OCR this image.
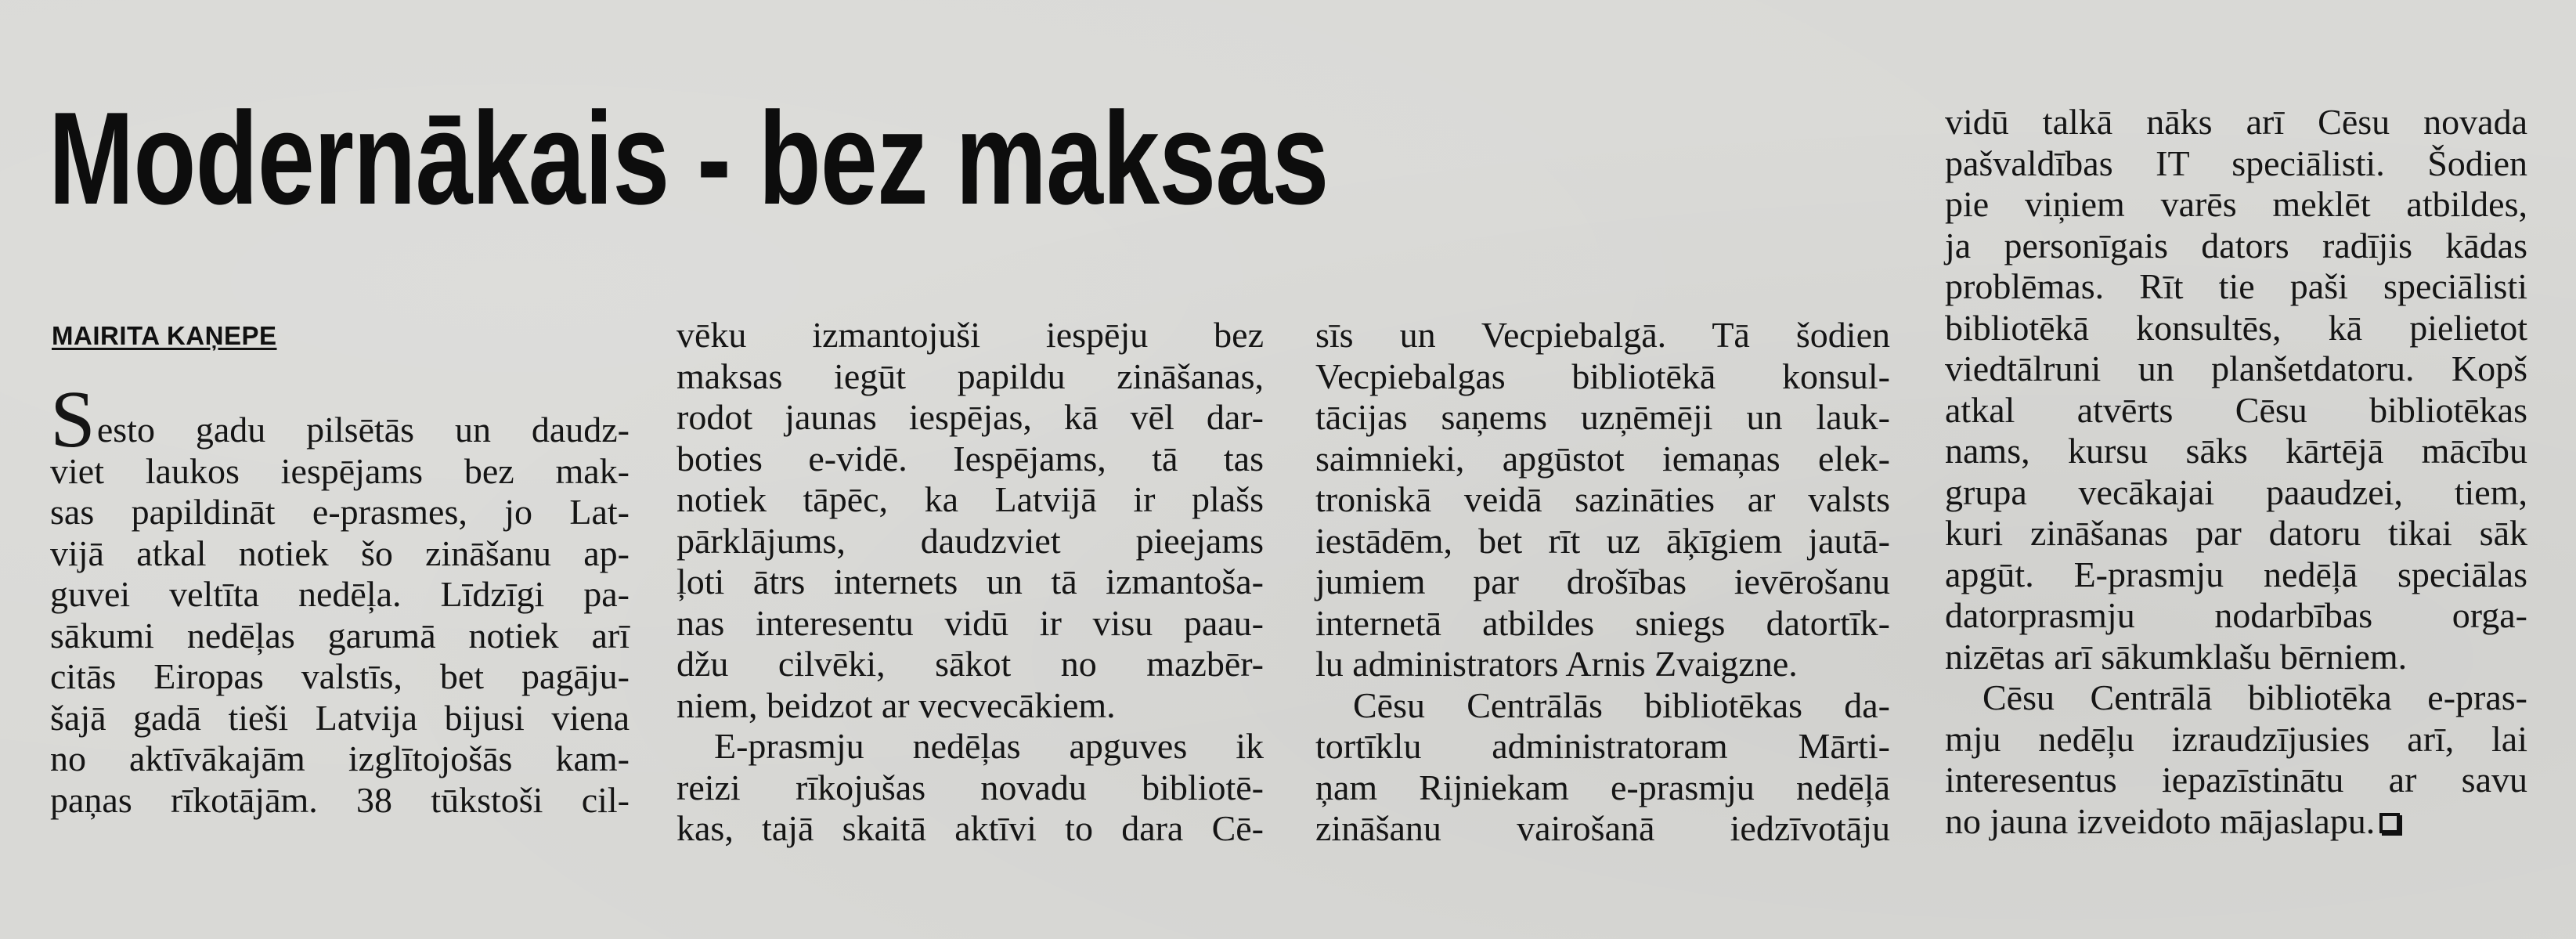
Modernākais - bez maksas
MAIRITA KAŅEPE

Sesto gadu pilsētās un daudz-

viet laukos iespējams bez mak-

sas papildināt e-prasmes, jo Lat-

vijā atkal notiek šo zināšanu ap-

guvei veltīta nedēļa. Līdzīgi pa-

sākumi nedēļas garumā notiek arī

citās Eiropas valstīs, bet pagāju-

šajā gadā tieši Latvija bijusi viena

no aktīvākajām izglītojošās kam-

paņas rīkotājām. 38 tūkstoši cil-

vēku izmantojuši iespēju bez

maksas iegūt papildu zināšanas,

rodot jaunas iespējas, kā vēl dar-

boties e-vidē. Iespējams, tā tas

notiek tāpēc, ka Latvijā ir plašs

pārklājums, daudzviet pieejams

ļoti ātrs internets un tā izmantoša-

nas interesentu vidū ir visu paau-

džu cilvēki, sākot no mazbēr-

niem, beidzot ar vecvecākiem.

E-prasmju nedēļas apguves ik

reizi rīkojušas novadu bibliotē-

kas, tajā skaitā aktīvi to dara Cē-

sīs un Vecpiebalgā. Tā šodien

Vecpiebalgas bibliotēkā konsul-

tācijas saņems uzņēmēji un lauk-

saimnieki, apgūstot iemaņas elek-

troniskā veidā sazināties ar valsts

iestādēm, bet rīt uz āķīgiem jautā-

jumiem par drošības ievērošanu

internetā atbildes sniegs datortīk-

lu administrators Arnis Zvaigzne.

Cēsu Centrālās bibliotēkas da-

tortīklu administratoram Mārti-

ņam Rijniekam e-prasmju nedēļā

zināšanu vairošanā iedzīvotāju

vidū talkā nāks arī Cēsu novada

pašvaldības IT speciālisti. Šodien

pie viņiem varēs meklēt atbildes,

ja personīgais dators radījis kādas

problēmas. Rīt tie paši speciālisti

bibliotēkā konsultēs, kā pielietot

viedtālruni un planšetdatoru. Kopš

atkal atvērts Cēsu bibliotēkas

nams, kursu sāks kārtējā mācību

grupa vecākajai paaudzei, tiem,

kuri zināšanas par datoru tikai sāk

apgūt. E-prasmju nedēļā speciālas

datorprasmju nodarbības orga-

nizētas arī sākumklašu bērniem.

Cēsu Centrālā bibliotēka e-pras-

mju nedēļu izraudzījusies arī, lai

interesentus iepazīstinātu ar savu

no jauna izveidoto mājaslapu.
